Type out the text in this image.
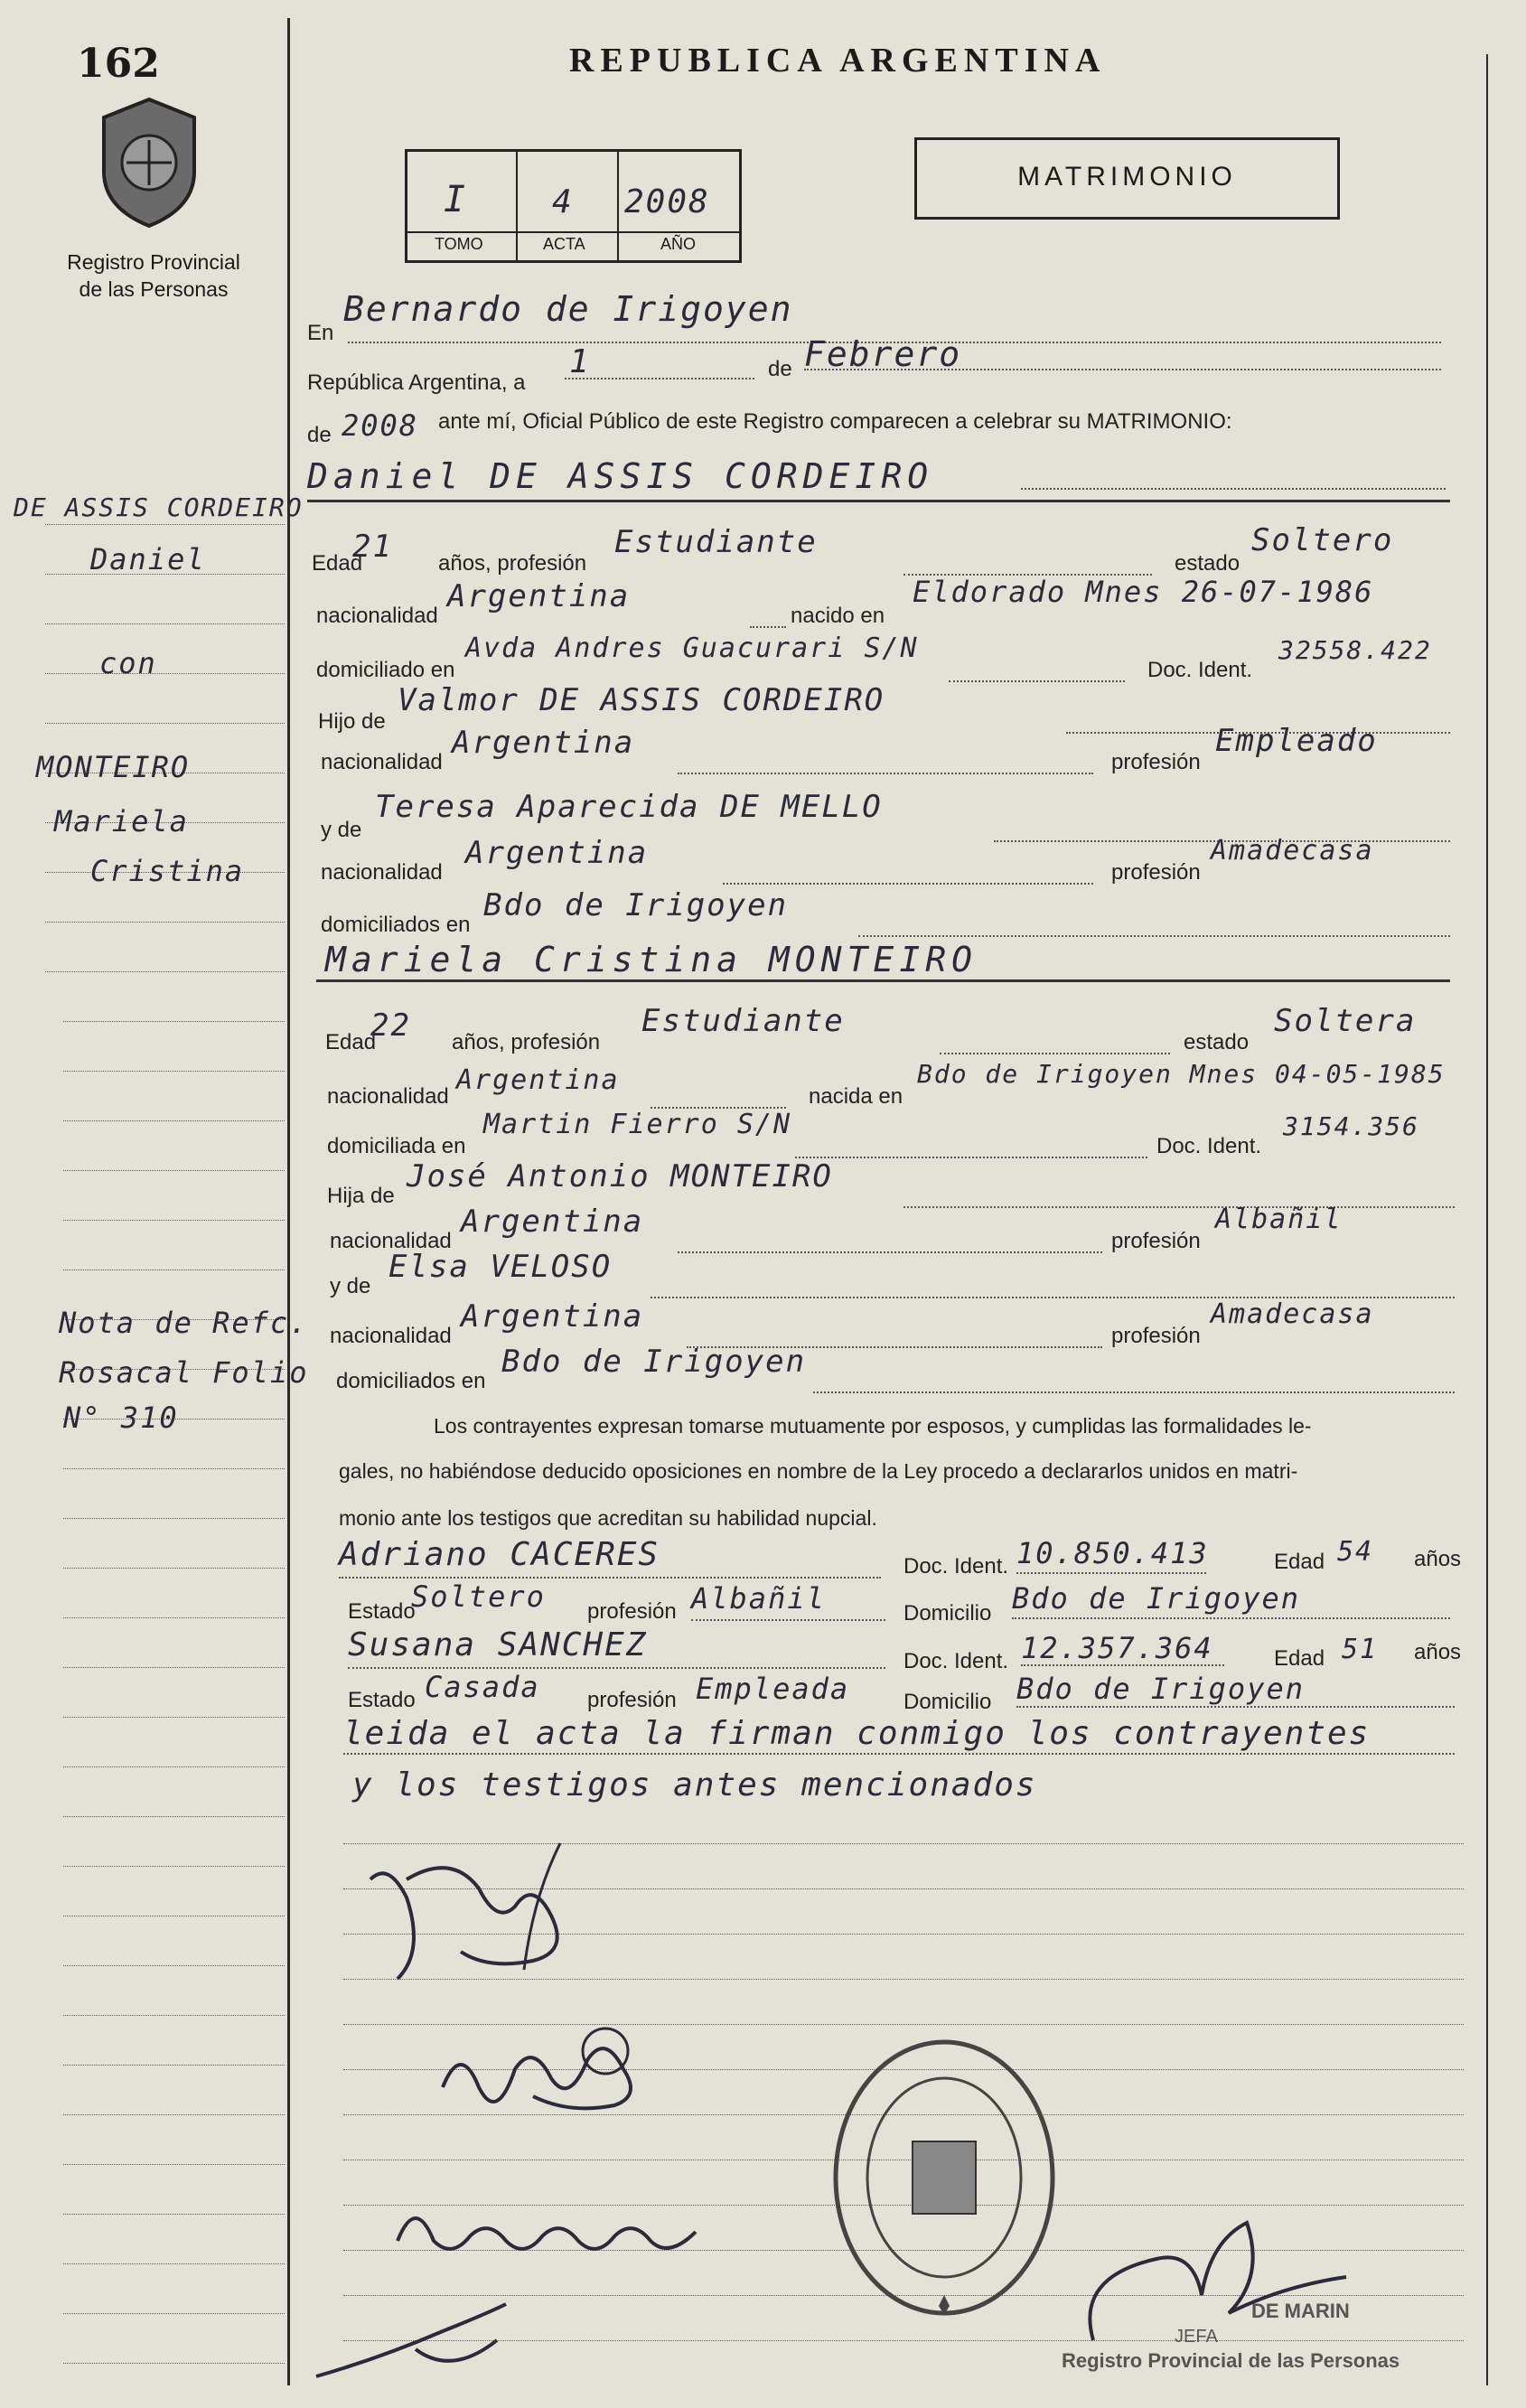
162
Registro Provincial
de las Personas
DE ASSIS CORDEIRO
Daniel
con
MONTEIRO
Mariela
Cristina
Nota de Refc.
Rosacal Folio
N° 310
REPUBLICA ARGENTINA
MATRIMONIO
I	4 2008
TOMO	ACTA	AÑO
En
Bernardo de Irigoyen
República Argentina, a
1	de Febrero
de 2008 ante mí, Oficial Público de este Registro comparecen a celebrar su MATRIMONIO:
Daniel DE ASSIS CORDEIRO
Edad
21 años, profesión
Estudiante
estado
Soltero
nacionalidad
Argentina
nacido en
Eldorado Mnes 26-07-1986
domiciliado en
Avda Andres Guacurari S/N
Doc. Ident.
32558.422
Hijo de
Valmor DE ASSIS CORDEIRO
nacionalidad
Argentina
profesión
Empleado
y de
Teresa Aparecida DE MELLO
nacionalidad
Argentina
profesión
Amadecasa
domiciliados en
Bdo de Irigoyen
Mariela Cristina MONTEIRO
Edad
22 años, profesión
Estudiante
estado
Soltera
nacionalidad
Argentina
nacida en
Bdo de Irigoyen Mnes 04-05-1985
domiciliada en
Martin Fierro S/N
Doc. Ident.
3154.356
Hija de
José Antonio MONTEIRO
nacionalidad
Argentina
profesión
Albañil
y de
Elsa VELOSO
nacionalidad
Argentina
profesión
Amadecasa
domiciliados en
Bdo de Irigoyen
Los contrayentes expresan tomarse mutuamente por esposos, y cumplidas las formalidades le-
gales, no habiéndose deducido oposiciones en nombre de la Ley procedo a declararlos unidos en matri-
monio ante los testigos que acreditan su habilidad nupcial.
Adriano CACERES	Doc. Ident. 10.850.413	Edad 54 años
Estado
Soltero profesión Albañil	Domicilio Bdo de Irigoyen
Susana SANCHEZ	Doc. Ident. 12.357.364	Edad 51 años
Estado Casada profesión Empleada Domicilio Bdo de Irigoyen
leida el acta la firman conmigo los contrayentes
y los testigos antes mencionados
DE MARIN
JEFA
Registro Provincial de las Personas
